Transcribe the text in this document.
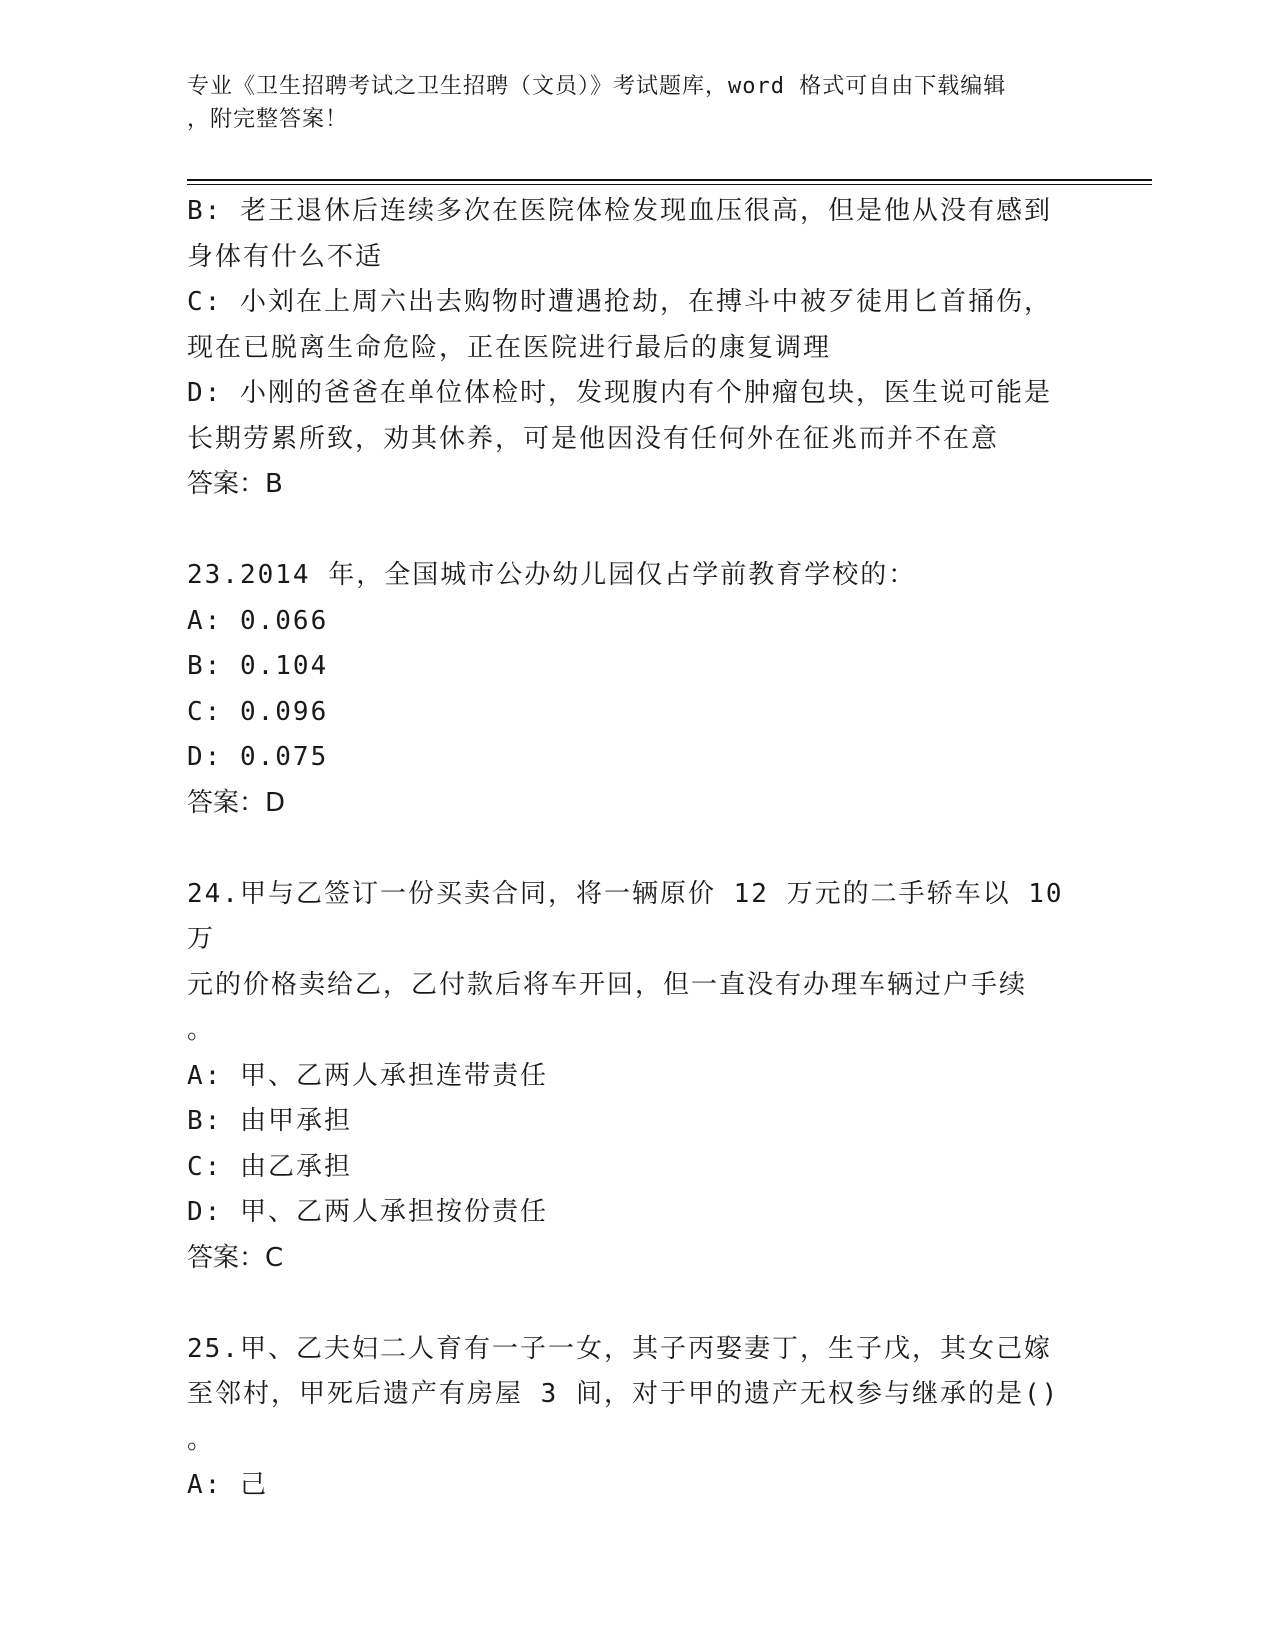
专业《卫生招聘考试之卫生招聘（文员）》考试题库，word 格式可自由下载编辑

，附完整答案！

B: 老王退休后连续多次在医院体检发现血压很高，但是他从没有感到

身体有什么不适

C: 小刘在上周六出去购物时遭遇抢劫，在搏斗中被歹徒用匕首捅伤，

现在已脱离生命危险，正在医院进行最后的康复调理

D: 小刚的爸爸在单位体检时，发现腹内有个肿瘤包块，医生说可能是

长期劳累所致，劝其休养，可是他因没有任何外在征兆而并不在意

答案：B

23.2014 年，全国城市公办幼儿园仅占学前教育学校的：

A: 0.066

B: 0.104

C: 0.096

D: 0.075

答案：D

24.甲与乙签订一份买卖合同，将一辆原价 12 万元的二手轿车以 10 万

元的价格卖给乙，乙付款后将车开回，但一直没有办理车辆过户手续

。

A: 甲、乙两人承担连带责任

B: 由甲承担

C: 由乙承担

D: 甲、乙两人承担按份责任

答案：C

25.甲、乙夫妇二人育有一子一女，其子丙娶妻丁，生子戊，其女己嫁

至邻村，甲死后遗产有房屋 3 间，对于甲的遗产无权参与继承的是()

。

A: 己
